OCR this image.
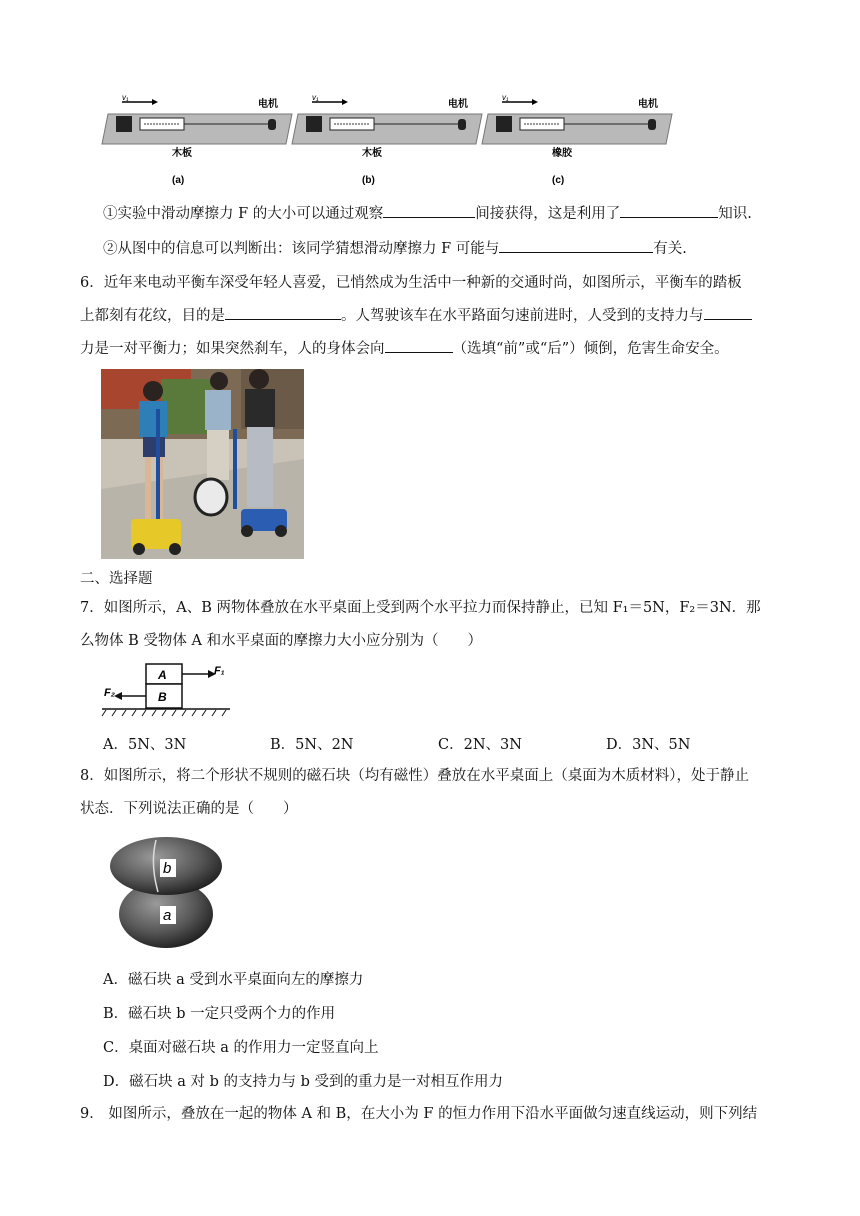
v₁
电机
木板
(a)
v₁
电机
木板
(b)
v₁
电机
橡胶
(c)
①实验中滑动摩擦力 F 的大小可以通过观察	间接获得，这是利用了	知识.
②从图中的信息可以判断出：该同学猜想滑动摩擦力 F 可能与	有关.
6．近年来电动平衡车深受年轻人喜爱，已悄然成为生活中一种新的交通时尚，如图所示，平衡车的踏板
上都刻有花纹，目的是	。人驾驶该车在水平路面匀速前进时，人受到的支持力与
力是一对平衡力；如果突然刹车，人的身体会向	（选填“前”或“后”）倾倒，危害生命安全。
二、选择题
7．如图所示，A、B 两物体叠放在水平桌面上受到两个水平拉力而保持静止，已知 F₁＝5N，F₂＝3N．那
么物体 B 受物体 A 和水平桌面的摩擦力大小应分别为（　　）
A
B
F₁
F₂
A．5N、3N	B．5N、2N	C．2N、3N	D．3N、5N
8．如图所示，将二个形状不规则的磁石块（均有磁性）叠放在水平桌面上（桌面为木质材料），处于静止
状态．下列说法正确的是（　　）
b
a
A．磁石块 a 受到水平桌面向左的摩擦力
B．磁石块 b 一定只受两个力的作用
C．桌面对磁石块 a 的作用力一定竖直向上
D．磁石块 a 对 b 的支持力与 b 受到的重力是一对相互作用力
9． 如图所示，叠放在一起的物体 A 和 B，在大小为 F 的恒力作用下沿水平面做匀速直线运动，则下列结
